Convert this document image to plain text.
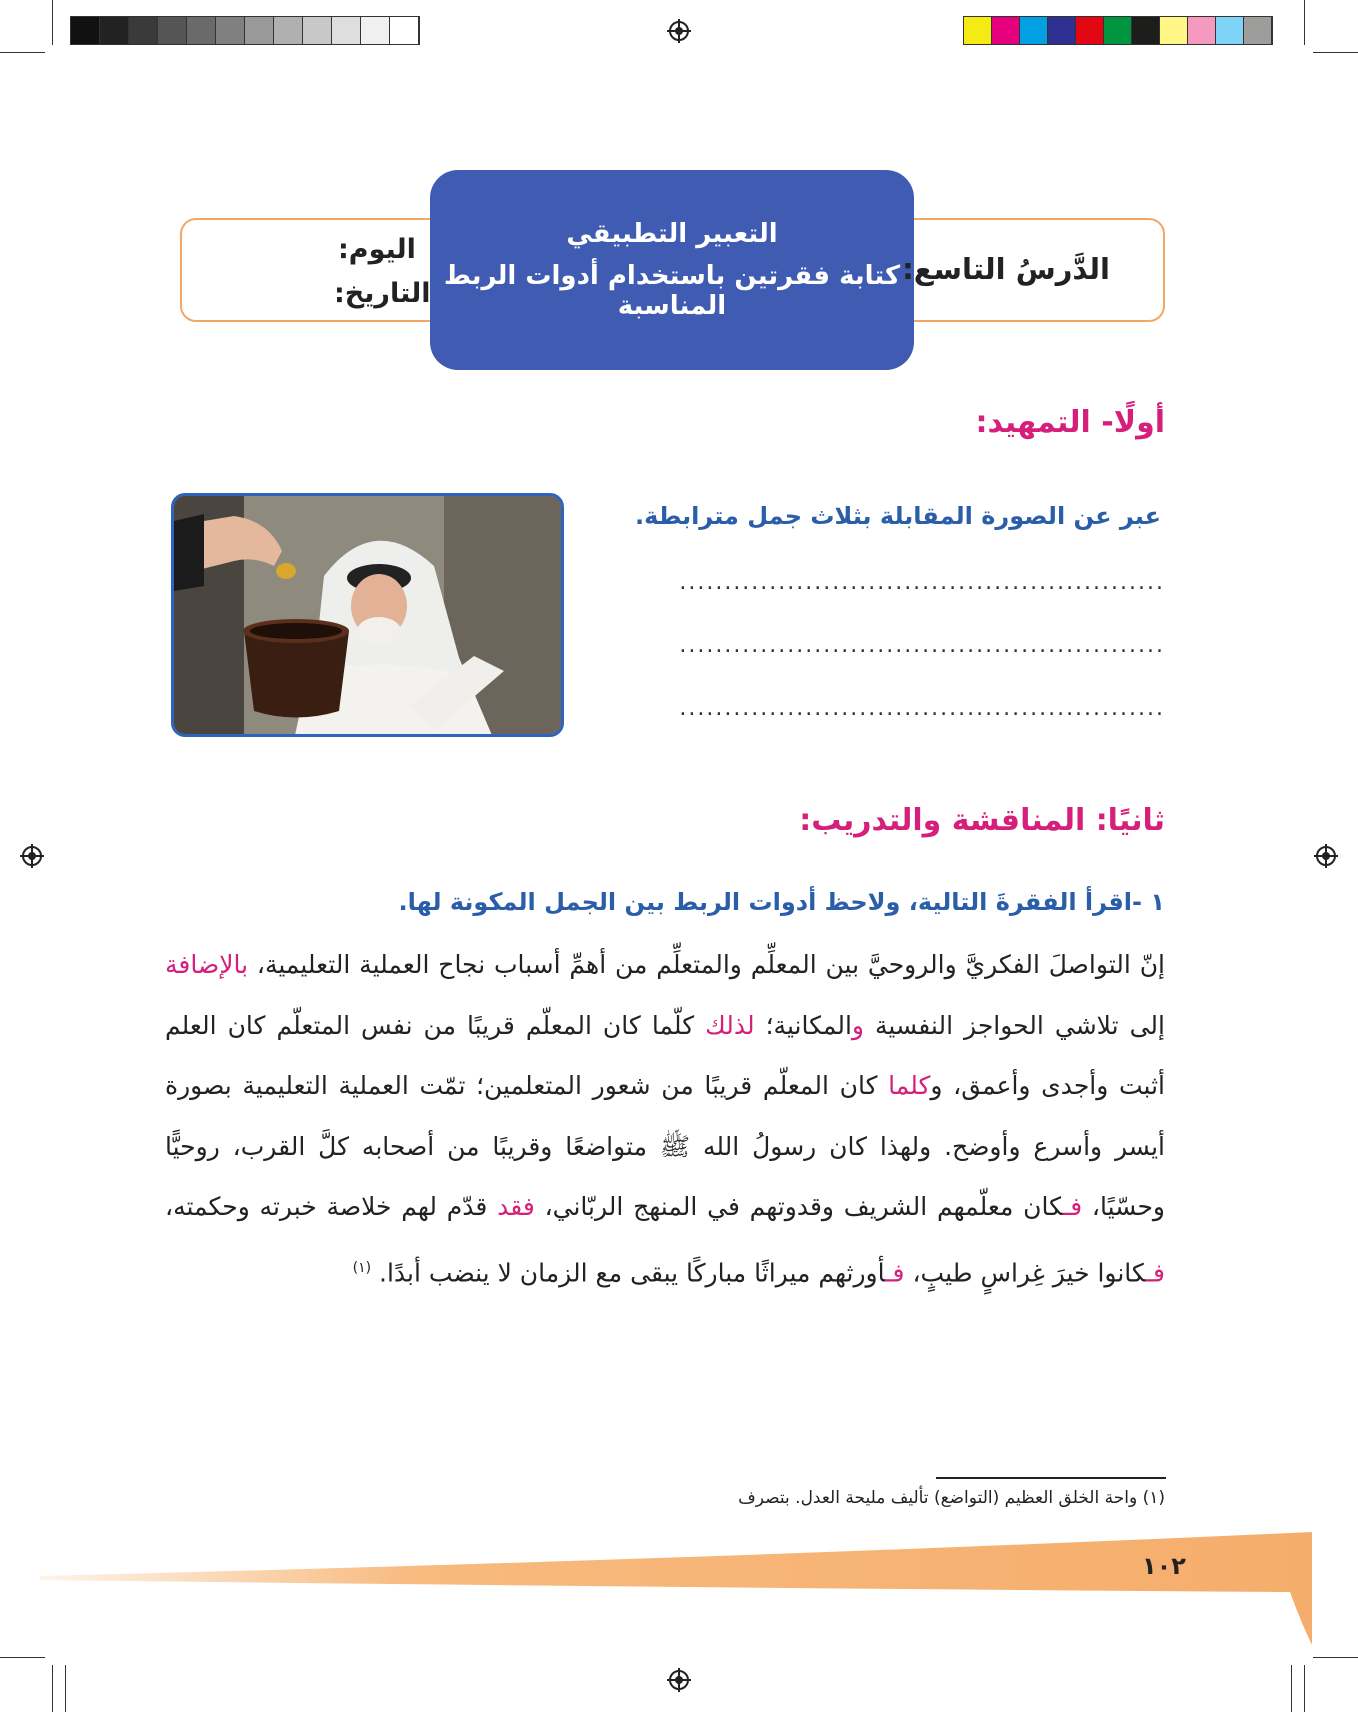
التعبير التطبيقي
كتابة فقرتين باستخدام أدوات الربط المناسبة
الدَّرسُ التاسع:
اليوم:
التاريخ:
أولًا- التمهيد:
عبر عن الصورة المقابلة بثلاث جمل مترابطة.
......................................................
......................................................
......................................................
ثانيًا: المناقشة والتدريب:
١ -اقرأ الفقرةَ التالية، ولاحظ أدوات الربط بين الجمل المكونة لها.
إنّ التواصلَ الفكريَّ والروحيَّ بين المعلِّم والمتعلِّم من أهمِّ أسباب نجاح العملية التعليمية، بالإضافة إلى تلاشي الحواجز النفسية والمكانية؛ لذلك كلّما كان المعلّم قريبًا من نفس المتعلّم كان العلم أثبت وأجدى وأعمق، وكلما كان المعلّم قريبًا من شعور المتعلمين؛ تمّت العملية التعليمية بصورة أيسر وأسرع وأوضح. ولهذا كان رسولُ الله ﷺ متواضعًا وقريبًا من أصحابه كلَّ القرب، روحيًّا وحسّيًا، فـكان معلّمهم الشريف وقدوتهم في المنهج الربّاني، فقد قدّم لهم خلاصة خبرته وحكمته، فـكانوا خيرَ غِراسٍ طيبٍ، فـأورثهم ميراثًا مباركًا يبقى مع الزمان لا ينضب أبدًا. $^{(١)}$
(١) واحة الخلق العظيم (التواضع) تأليف مليحة العدل. بتصرف
١٠٢
